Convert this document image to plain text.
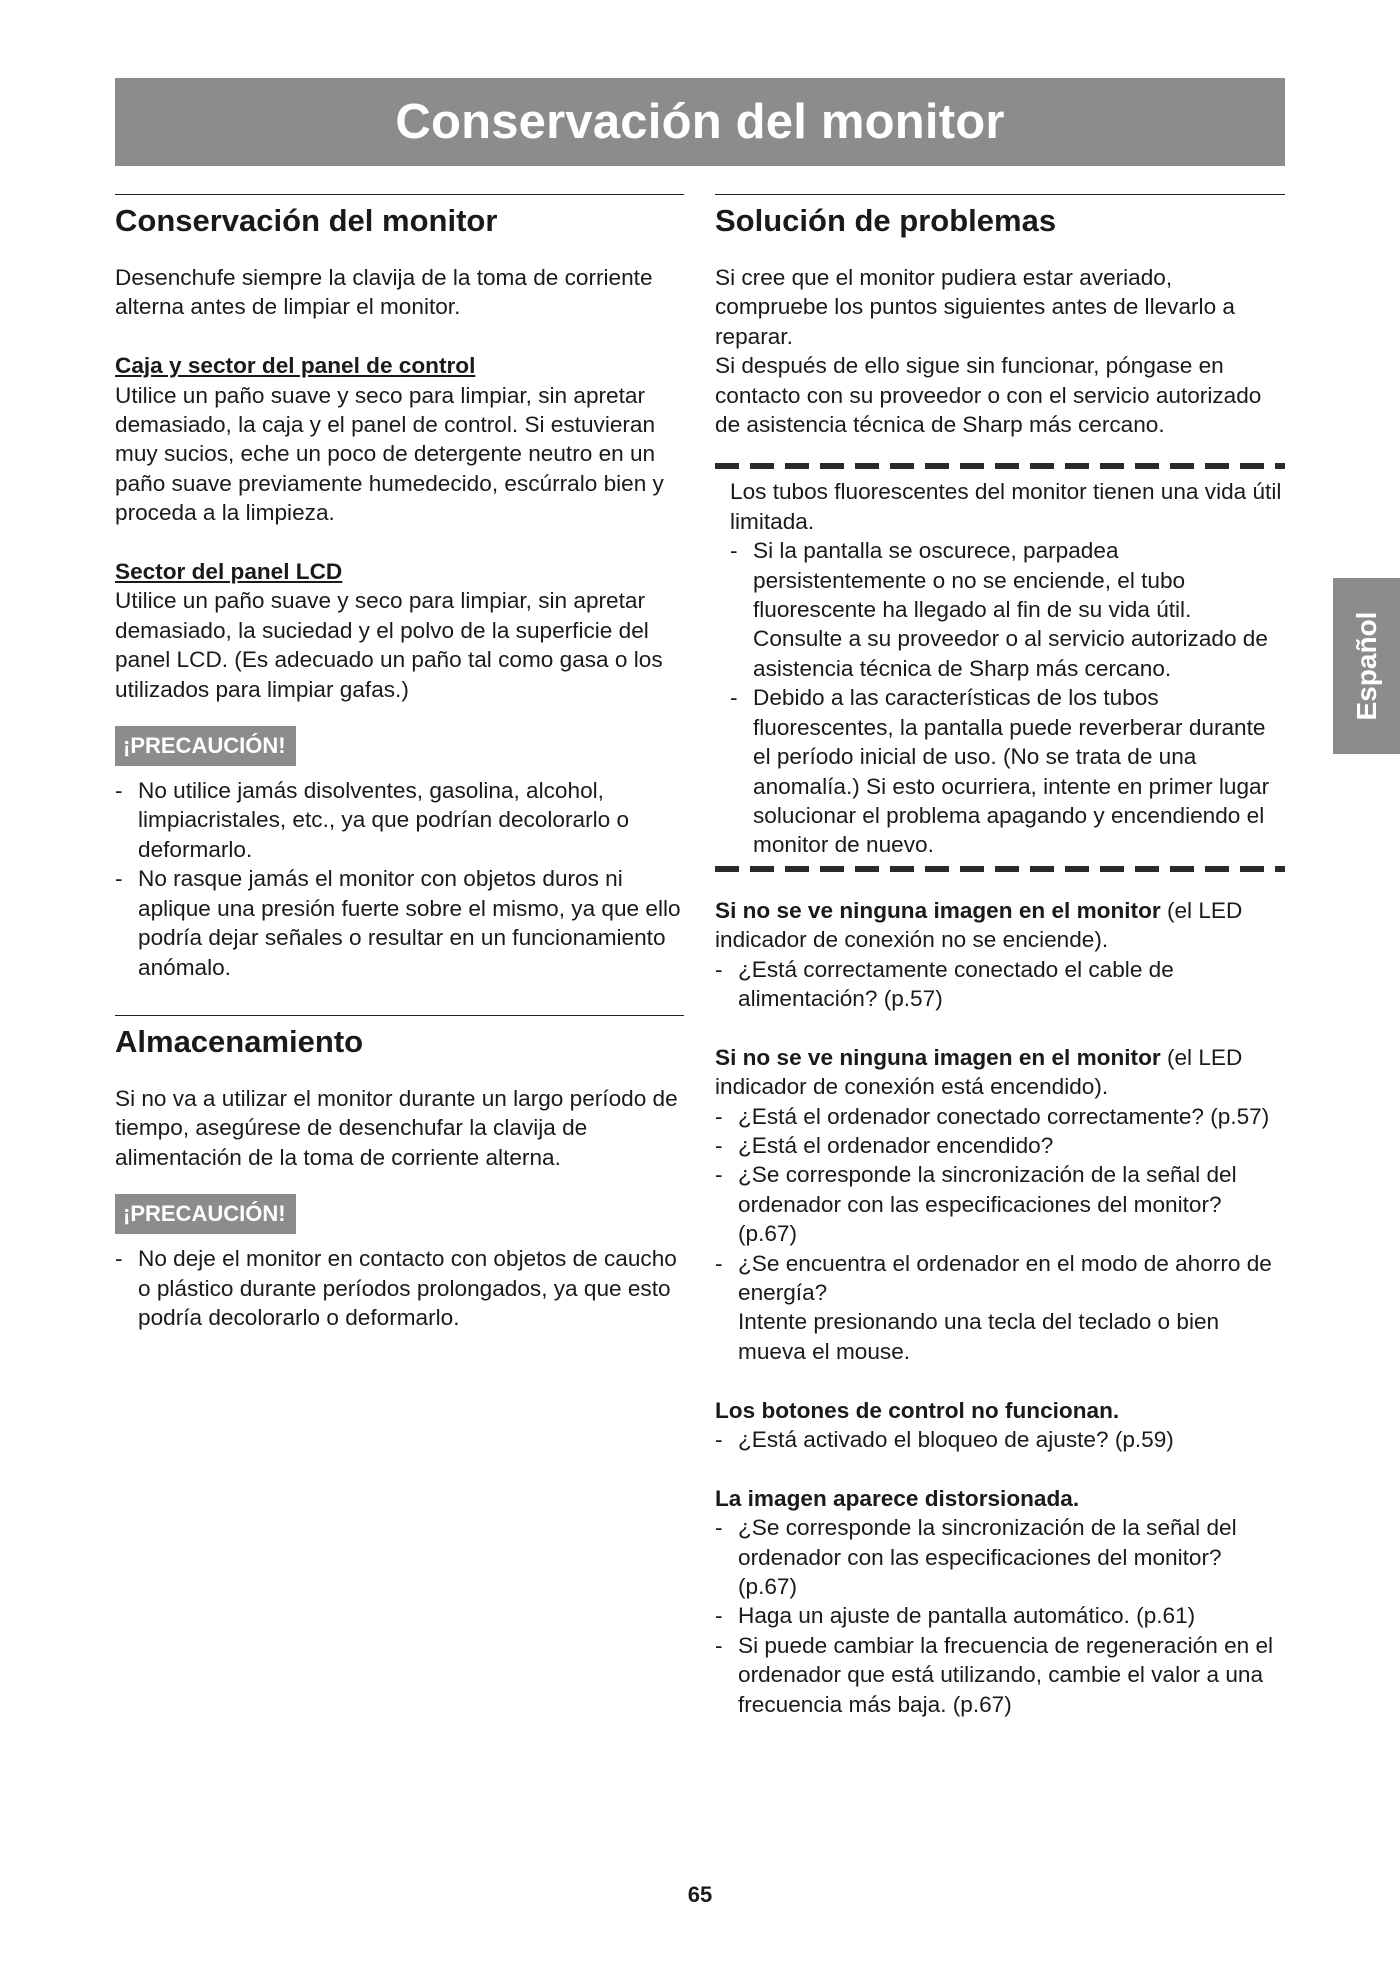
Conservación del monitor
Conservación del monitor

Desenchufe siempre la clavija de la toma de corriente alterna antes de limpiar el monitor.

Caja y sector del panel de control

Utilice un paño suave y seco para limpiar, sin apretar demasiado, la caja y el panel de control. Si estuvieran muy sucios, eche un poco de detergente neutro en un paño suave previamente humedecido, escúrralo bien y proceda a la limpieza.

Sector del panel LCD

Utilice un paño suave y seco para limpiar, sin apretar demasiado, la suciedad y el polvo de la superficie del panel LCD. (Es adecuado un paño tal como gasa o los utilizados para limpiar gafas.)

¡PRECAUCIÓN!
- No utilice jamás disolventes, gasolina, alcohol, limpiacristales, etc., ya que podrían decolorarlo o deformarlo.
- No rasque jamás el monitor con objetos duros ni aplique una presión fuerte sobre el mismo, ya que ello podría dejar señales o resultar en un funcionamiento anómalo.
Almacenamiento

Si no va a utilizar el monitor durante un largo período de tiempo, asegúrese de desenchufar la clavija de alimentación de la toma de corriente alterna.

¡PRECAUCIÓN!
- No deje el monitor en contacto con objetos de caucho o plástico durante períodos prolongados, ya que esto podría decolorarlo o deformarlo.
Solución de problemas

Si cree que el monitor pudiera estar averiado, compruebe los puntos siguientes antes de llevarlo a reparar.

Si después de ello sigue sin funcionar, póngase en contacto con su proveedor o con el servicio autorizado de asistencia técnica de Sharp más cercano.

Los tubos fluorescentes del monitor tienen una vida útil limitada.

- Si la pantalla se oscurece, parpadea persistentemente o no se enciende, el tubo fluorescente ha llegado al fin de su vida útil. Consulte a su proveedor o al servicio autorizado de asistencia técnica de Sharp más cercano.
- Debido a las características de los tubos fluorescentes, la pantalla puede reverberar durante el período inicial de uso. (No se trata de una anomalía.) Si esto ocurriera, intente en primer lugar solucionar el problema apagando y encendiendo el monitor de nuevo.

Si no se ve ninguna imagen en el monitor (el LED indicador de conexión no se enciende).

- ¿Está correctamente conectado el cable de alimentación? (p.57)

Si no se ve ninguna imagen en el monitor (el LED indicador de conexión está encendido).

- ¿Está el ordenador conectado correctamente? (p.57)
- ¿Está el ordenador encendido?
- ¿Se corresponde la sincronización de la señal del ordenador con las especificaciones del monitor? (p.67)
- ¿Se encuentra el ordenador en el modo de ahorro de energía?
Intente presionando una tecla del teclado o bien mueva el mouse.

Los botones de control no funcionan.

- ¿Está activado el bloqueo de ajuste? (p.59)

La imagen aparece distorsionada.

- ¿Se corresponde la sincronización de la señal del ordenador con las especificaciones del monitor? (p.67)
- Haga un ajuste de pantalla automático. (p.61)
- Si puede cambiar la frecuencia de regeneración en el ordenador que está utilizando, cambie el valor a una frecuencia más baja. (p.67)
Español
65
